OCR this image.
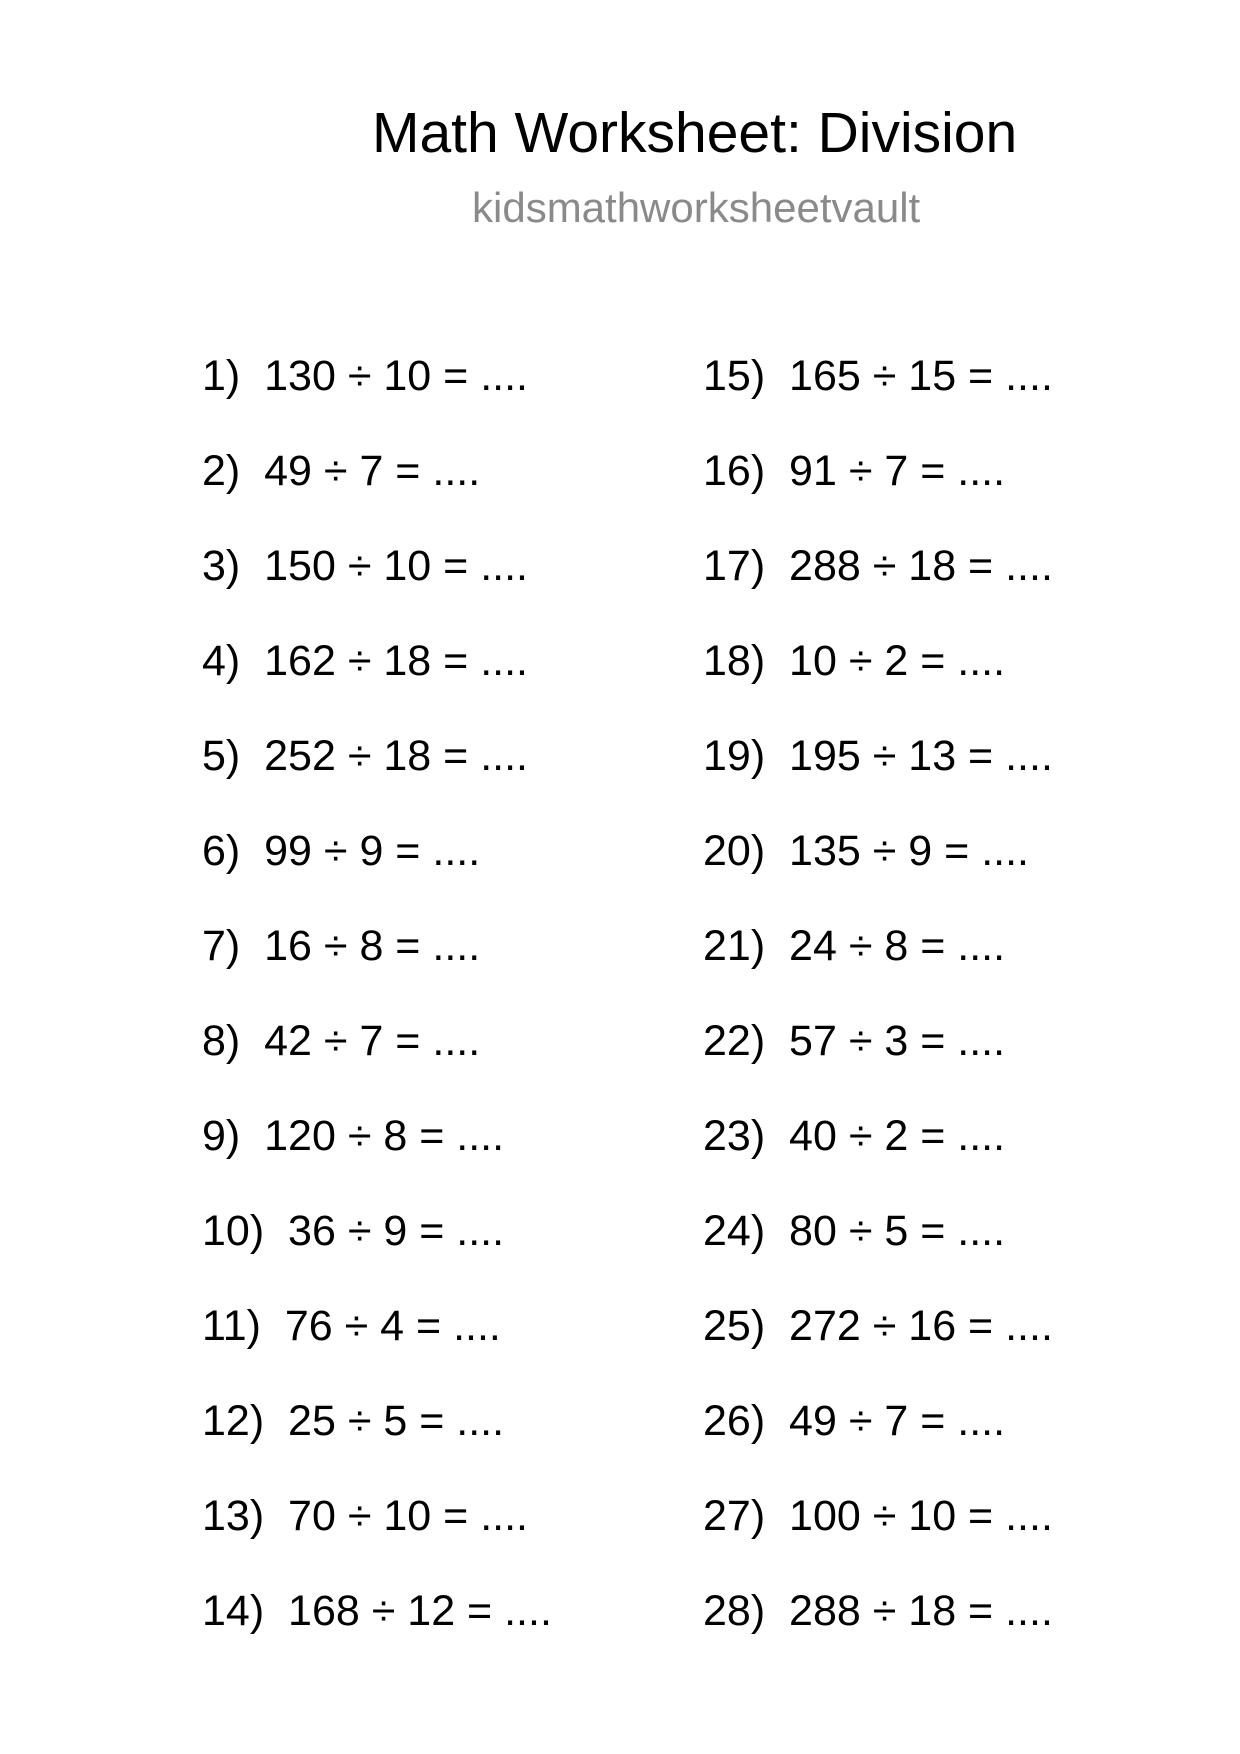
Math Worksheet: Division
kidsmathworksheetvault
1)  130 ÷ 10 = ....
2)  49 ÷ 7 = ....
3)  150 ÷ 10 = ....
4)  162 ÷ 18 = ....
5)  252 ÷ 18 = ....
6)  99 ÷ 9 = ....
7)  16 ÷ 8 = ....
8)  42 ÷ 7 = ....
9)  120 ÷ 8 = ....
10)  36 ÷ 9 = ....
11)  76 ÷ 4 = ....
12)  25 ÷ 5 = ....
13)  70 ÷ 10 = ....
14)  168 ÷ 12 = ....
15)  165 ÷ 15 = ....
16)  91 ÷ 7 = ....
17)  288 ÷ 18 = ....
18)  10 ÷ 2 = ....
19)  195 ÷ 13 = ....
20)  135 ÷ 9 = ....
21)  24 ÷ 8 = ....
22)  57 ÷ 3 = ....
23)  40 ÷ 2 = ....
24)  80 ÷ 5 = ....
25)  272 ÷ 16 = ....
26)  49 ÷ 7 = ....
27)  100 ÷ 10 = ....
28)  288 ÷ 18 = ....
